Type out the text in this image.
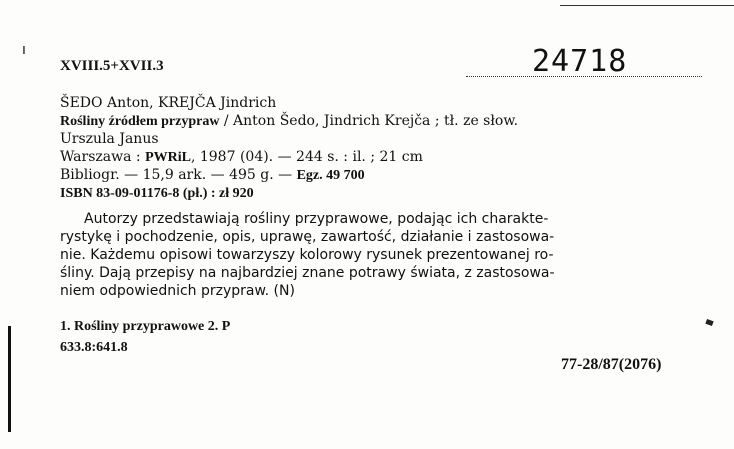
ı
XVIII.5+XVII.3	24718
ŠEDO Anton, KREJČA Jindrich
Rośliny źródłem przypraw / Anton Šedo, Jindrich Krejča ; tł. ze słow.
Urszula Janus
Warszawa : PWRiL, 1987 (04). — 244 s. : il. ; 21 cm
Bibliogr. — 15,9 ark. — 495 g. — Egz. 49 700
ISBN 83-09-01176-8 (pł.) : zł 920
Autorzy przedstawiają rośliny przyprawowe, podając ich charakte-
rystykę i pochodzenie, opis, uprawę, zawartość, działanie i zastosowa-
nie. Każdemu opisowi towarzyszy kolorowy rysunek prezentowanej ro-
śliny. Dają przepisy na najbardziej znane potrawy świata, z zastosowa-
niem odpowiednich przypraw. (N)
1. Rośliny przyprawowe 2. P
633.8:641.8
77-28/87(2076)
